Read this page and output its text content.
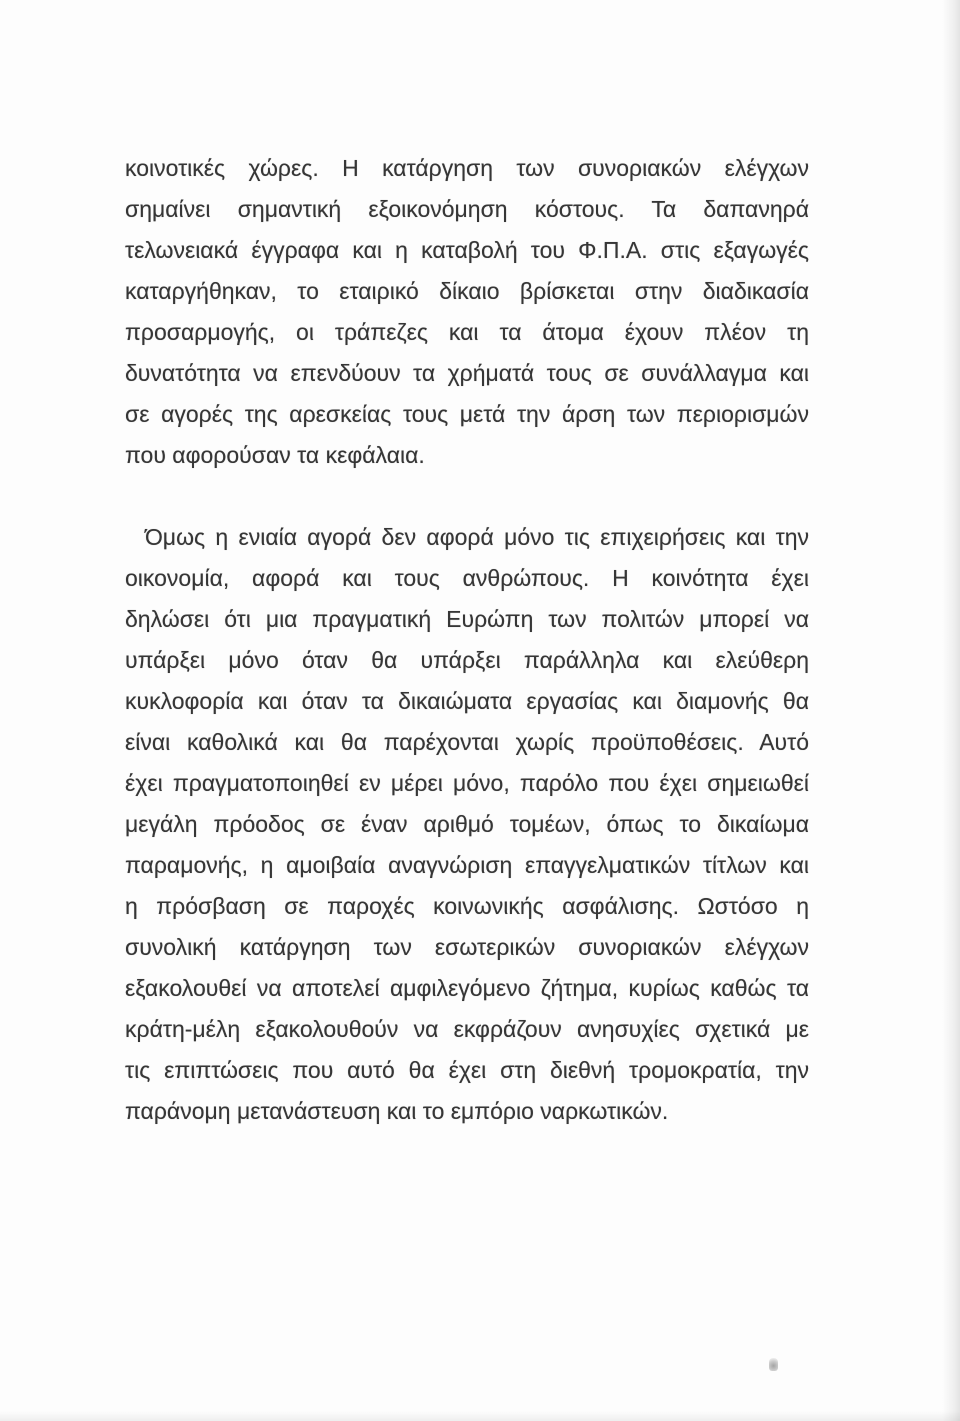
κοινοτικές χώρες. Η κατάργηση των συνοριακών ελέγχων
σημαίνει σημαντική εξοικονόμηση κόστους. Τα δαπανηρά
τελωνειακά έγγραφα και η καταβολή του Φ.Π.Α. στις εξαγωγές
καταργήθηκαν, το εταιρικό δίκαιο βρίσκεται στην διαδικασία
προσαρμογής, οι τράπεζες και τα άτομα έχουν πλέον τη
δυνατότητα να επενδύουν τα χρήματά τους σε συνάλλαγμα και
σε αγορές της αρεσκείας τους μετά την άρση των περιορισμών
που αφορούσαν τα κεφάλαια.
Όμως η ενιαία αγορά δεν αφορά μόνο τις επιχειρήσεις και την
οικονομία, αφορά και τους ανθρώπους. Η κοινότητα έχει
δηλώσει ότι μια πραγματική Ευρώπη των πολιτών μπορεί να
υπάρξει μόνο όταν θα υπάρξει παράλληλα και ελεύθερη
κυκλοφορία και όταν τα δικαιώματα εργασίας και διαμονής θα
είναι καθολικά και θα παρέχονται χωρίς προϋποθέσεις. Αυτό
έχει πραγματοποιηθεί εν μέρει μόνο, παρόλο που έχει σημειωθεί
μεγάλη πρόοδος σε έναν αριθμό τομέων, όπως το δικαίωμα
παραμονής, η αμοιβαία αναγνώριση επαγγελματικών τίτλων και
η πρόσβαση σε παροχές κοινωνικής ασφάλισης. Ωστόσο η
συνολική κατάργηση των εσωτερικών συνοριακών ελέγχων
εξακολουθεί να αποτελεί αμφιλεγόμενο ζήτημα, κυρίως καθώς τα
κράτη-μέλη εξακολουθούν να εκφράζουν ανησυχίες σχετικά με
τις επιπτώσεις που αυτό θα έχει στη διεθνή τρομοκρατία, την
παράνομη μετανάστευση και το εμπόριο ναρκωτικών.
